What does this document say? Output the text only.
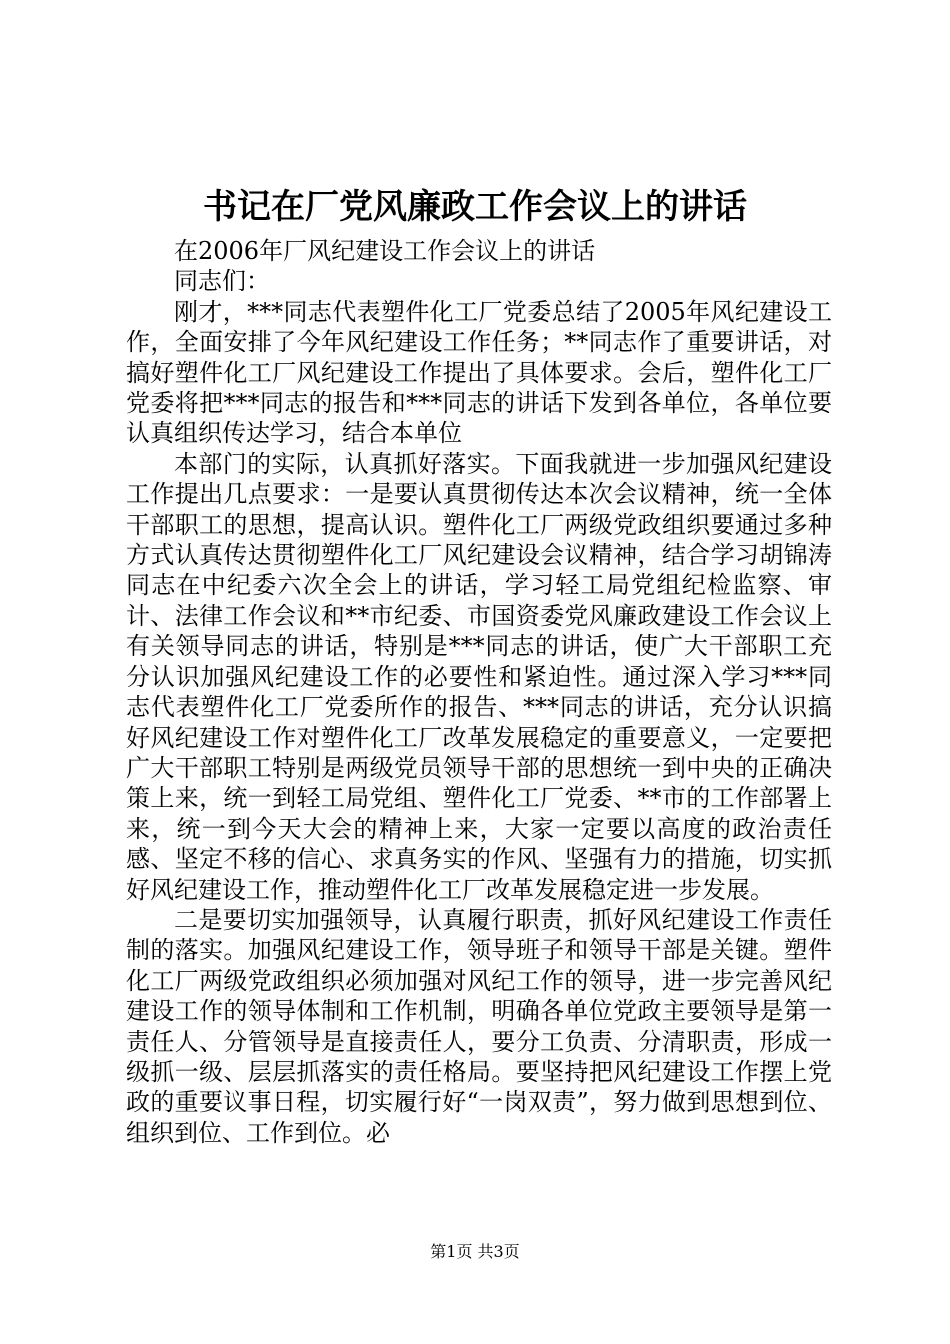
书记在厂党风廉政工作会议上的讲话

在2006年厂风纪建设工作会议上的讲话

同志们：

刚才，***同志代表塑件化工厂党委总结了2005年风纪建设工作，全面安排了今年风纪建设工作任务；**同志作了重要讲话，对搞好塑件化工厂风纪建设工作提出了具体要求。会后，塑件化工厂党委将把***同志的报告和***同志的讲话下发到各单位，各单位要认真组织传达学习，结合本单位

本部门的实际，认真抓好落实。下面我就进一步加强风纪建设工作提出几点要求：一是要认真贯彻传达本次会议精神，统一全体干部职工的思想，提高认识。塑件化工厂两级党政组织要通过多种方式认真传达贯彻塑件化工厂风纪建设会议精神，结合学习胡锦涛同志在中纪委六次全会上的讲话，学习轻工局党组纪检监察、审计、法律工作会议和**市纪委、市国资委党风廉政建设工作会议上有关领导同志的讲话，特别是***同志的讲话，使广大干部职工充分认识加强风纪建设工作的必要性和紧迫性。通过深入学习***同志代表塑件化工厂党委所作的报告、***同志的讲话，充分认识搞好风纪建设工作对塑件化工厂改革发展稳定的重要意义，一定要把广大干部职工特别是两级党员领导干部的思想统一到中央的正确决策上来，统一到轻工局党组、塑件化工厂党委、**市的工作部署上来，统一到今天大会的精神上来，大家一定要以高度的政治责任感、坚定不移的信心、求真务实的作风、坚强有力的措施，切实抓好风纪建设工作，推动塑件化工厂改革发展稳定进一步发展。

二是要切实加强领导，认真履行职责，抓好风纪建设工作责任制的落实。加强风纪建设工作，领导班子和领导干部是关键。塑件化工厂两级党政组织必须加强对风纪工作的领导，进一步完善风纪建设工作的领导体制和工作机制，明确各单位党政主要领导是第一责任人、分管领导是直接责任人，要分工负责、分清职责，形成一级抓一级、层层抓落实的责任格局。要坚持把风纪建设工作摆上党政的重要议事日程，切实履行好“一岗双责”，努力做到思想到位、组织到位、工作到位。必

第1页 共3页
